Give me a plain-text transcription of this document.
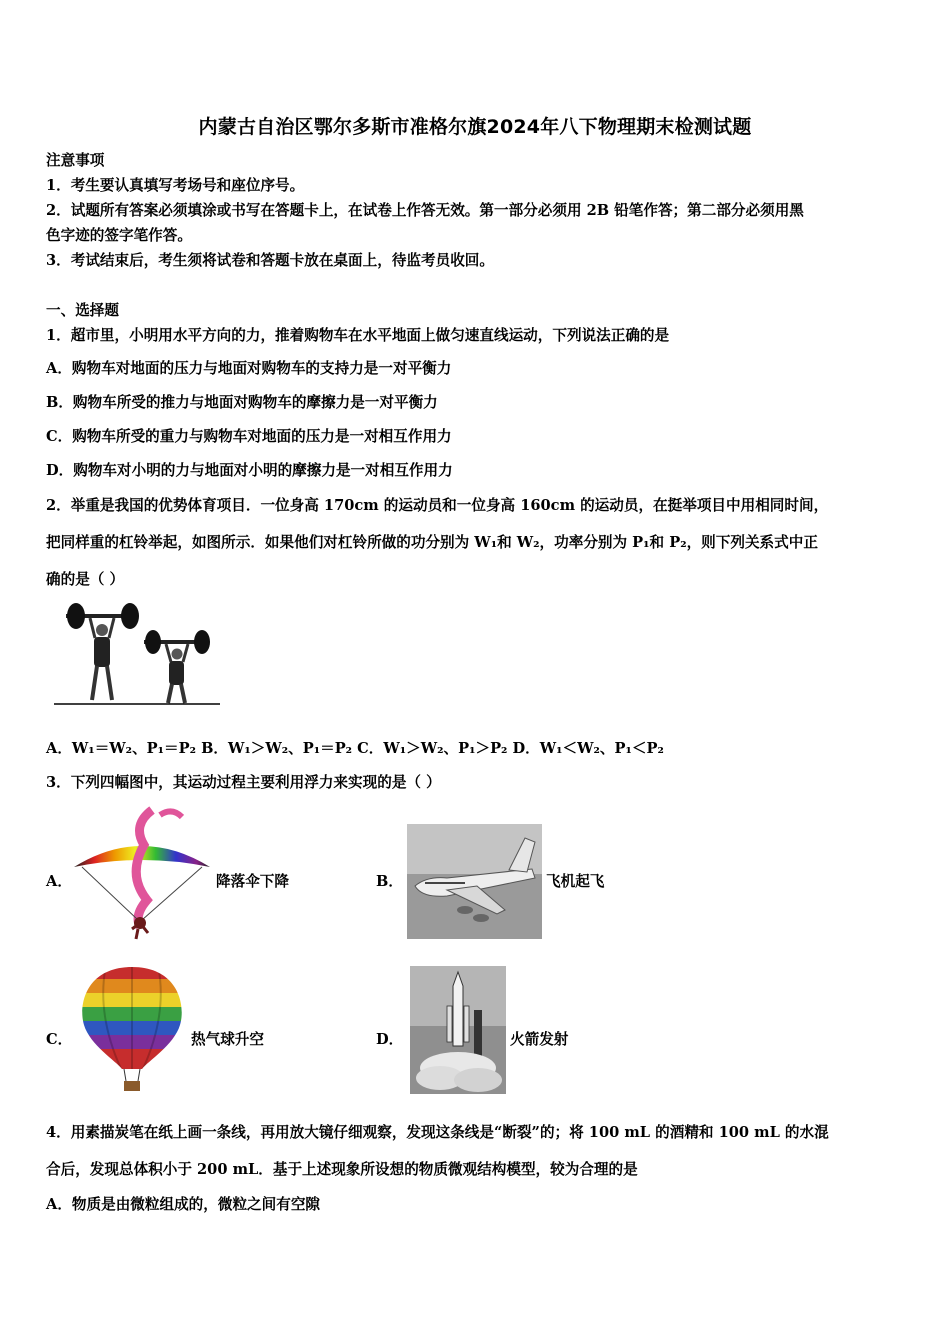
内蒙古自治区鄂尔多斯市准格尔旗2024年八下物理期末检测试题
注意事项
1．考生要认真填写考场号和座位序号。
2．试题所有答案必须填涂或书写在答题卡上，在试卷上作答无效。第一部分必须用 2B 铅笔作答；第二部分必须用黑
色字迹的签字笔作答。
3．考试结束后，考生须将试卷和答题卡放在桌面上，待监考员收回。
一、选择题
1．超市里，小明用水平方向的力，推着购物车在水平地面上做匀速直线运动，下列说法正确的是
A．购物车对地面的压力与地面对购物车的支持力是一对平衡力
B．购物车所受的推力与地面对购物车的摩擦力是一对平衡力
C．购物车所受的重力与购物车对地面的压力是一对相互作用力
D．购物车对小明的力与地面对小明的摩擦力是一对相互作用力
2．举重是我国的优势体育项目．一位身高 170cm 的运动员和一位身高 160cm 的运动员，在挺举项目中用相同时间，
把同样重的杠铃举起，如图所示．如果他们对杠铃所做的功分别为 W₁和 W₂，功率分别为 P₁和 P₂，则下列关系式中正
确的是（ ）
A．W₁＝W₂、P₁＝P₂ B．W₁＞W₂、P₁＝P₂ C．W₁＞W₂、P₁＞P₂ D．W₁＜W₂、P₁＜P₂
3．下列四幅图中，其运动过程主要利用浮力来实现的是（ ）
A．	降落伞下降	B．	飞机起飞
C．	热气球升空	D．	火箭发射
4．用素描炭笔在纸上画一条线，再用放大镜仔细观察，发现这条线是“断裂”的；将 100 mL 的酒精和 100 mL 的水混
合后，发现总体积小于 200 mL．基于上述现象所设想的物质微观结构模型，较为合理的是
A．物质是由微粒组成的，微粒之间有空隙
